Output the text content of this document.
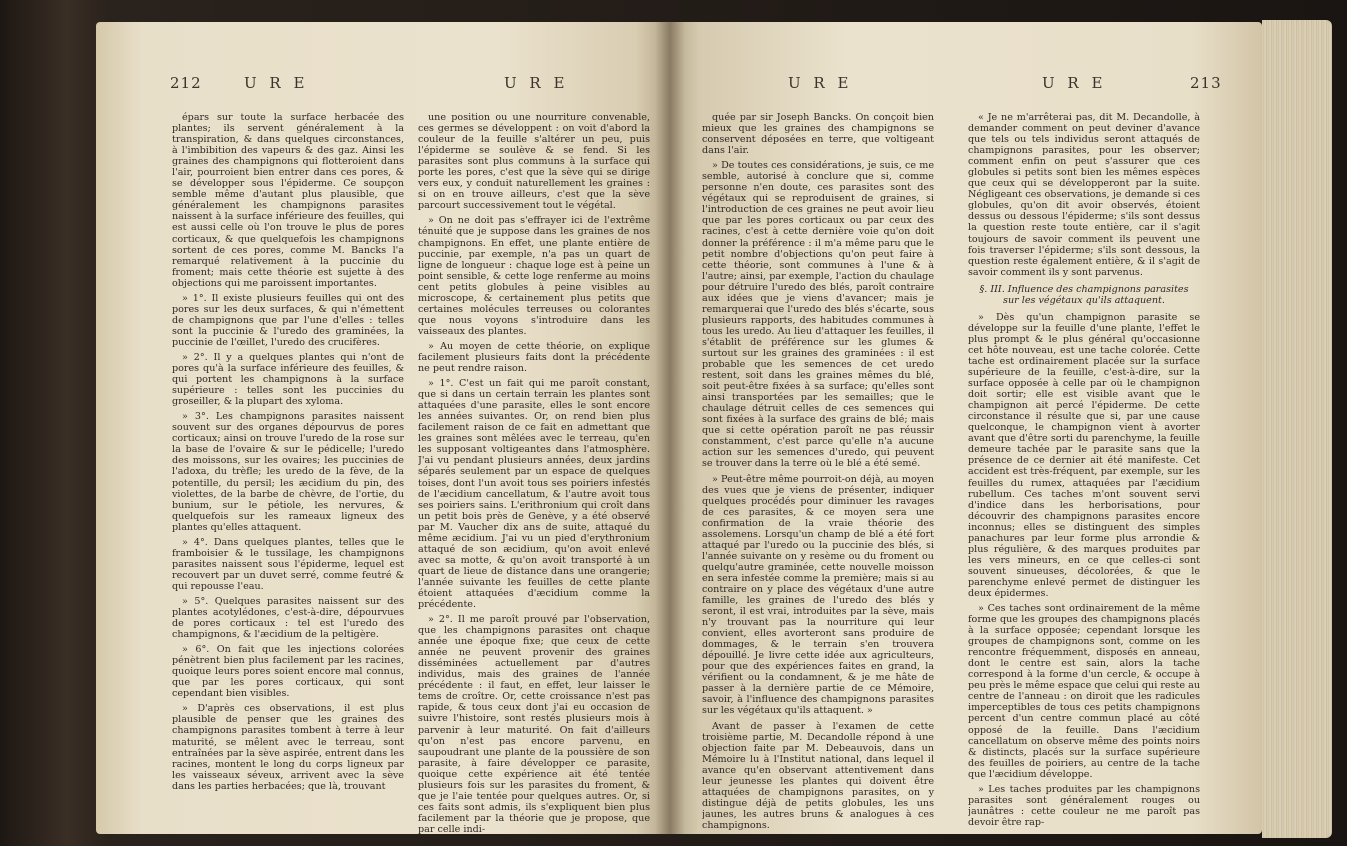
212	U R E	U R E

épars sur toute la surface herbacée des plantes; ils servent généralement à la transpiration, & dans quelques circonstances, à l'imbibition des vapeurs & des gaz. Ainsi les graines des champignons qui flotteroient dans l'air, pourroient bien entrer dans ces pores, & se développer sous l'épiderme. Ce soupçon semble même d'autant plus plausible, que généralement les champignons parasites naissent à la surface inférieure des feuilles, qui est aussi celle où l'on trouve le plus de pores corticaux, & que quelquefois les champignons sortent de ces pores, comme M. Bancks l'a remarqué relativement à la puccinie du froment; mais cette théorie est sujette à des objections qui me paroissent importantes.

» 1°. Il existe plusieurs feuilles qui ont des pores sur les deux surfaces, & qui n'émettent de champignons que par l'une d'elles : telles sont la puccinie & l'uredo des graminées, la puccinie de l'œillet, l'uredo des crucifères.

» 2°. Il y a quelques plantes qui n'ont de pores qu'à la surface inférieure des feuilles, & qui portent les champignons à la surface supérieure : telles sont les puccinies du groseiller, & la plupart des xyloma.

» 3°. Les champignons parasites naissent souvent sur des organes dépourvus de pores corticaux; ainsi on trouve l'uredo de la rose sur la base de l'ovaire & sur le pédicelle; l'uredo des moissons, sur les ovaires; les puccinies de l'adoxa, du trèfle; les uredo de la fève, de la potentille, du persil; les æcidium du pin, des violettes, de la barbe de chèvre, de l'ortie, du bunium, sur le pétiole, les nervures, & quelquefois sur les rameaux ligneux des plantes qu'elles attaquent.

» 4°. Dans quelques plantes, telles que le framboisier & le tussilage, les champignons parasites naissent sous l'épiderme, lequel est recouvert par un duvet serré, comme feutré & qui repousse l'eau.

» 5°. Quelques parasites naissent sur des plantes acotylédones, c'est-à-dire, dépourvues de pores corticaux : tel est l'uredo des champignons, & l'æcidium de la peltigère.

» 6°. On fait que les injections colorées pénètrent bien plus facilement par les racines, quoique leurs pores soient encore mal connus, que par les pores corticaux, qui sont cependant bien visibles.

» D'après ces observations, il est plus plausible de penser que les graines des champignons parasites tombent à terre à leur maturité, se mêlent avec le terreau, sont entraînées par la sève aspirée, entrent dans les racines, montent le long du corps ligneux par les vaisseaux séveux, arrivent avec la sève dans les parties herbacées; que là, trouvant

une position ou une nourriture convenable, ces germes se développent : on voit d'abord la couleur de la feuille s'altérer un peu, puis l'épiderme se soulève & se fend. Si les parasites sont plus communs à la surface qui porte les pores, c'est que la sève qui se dirige vers eux, y conduit naturellement les graines : si on en trouve ailleurs, c'est que la sève parcourt successivement tout le végétal.

» On ne doit pas s'effrayer ici de l'extrême ténuité que je suppose dans les graines de nos champignons. En effet, une plante entière de puccinie, par exemple, n'a pas un quart de ligne de longueur : chaque loge est à peine un point sensible, & cette loge renferme au moins cent petits globules à peine visibles au microscope, & certainement plus petits que certaines molécules terreuses ou colorantes que nous voyons s'introduire dans les vaisseaux des plantes.

» Au moyen de cette théorie, on explique facilement plusieurs faits dont la précédente ne peut rendre raison.

» 1°. C'est un fait qui me paroît constant, que si dans un certain terrain les plantes sont attaquées d'une parasite, elles le sont encore les années suivantes. Or, on rend bien plus facilement raison de ce fait en admettant que les graines sont mêlées avec le terreau, qu'en les supposant voltigeantes dans l'atmosphère. J'ai vu pendant plusieurs années, deux jardins séparés seulement par un espace de quelques toises, dont l'un avoit tous ses poiriers infestés de l'æcidium cancellatum, & l'autre avoit tous ses poiriers sains. L'erithronium qui croît dans un petit bois près de Genève, y a été observé par M. Vaucher dix ans de suite, attaqué du même æcidium. J'ai vu un pied d'erythronium attaqué de son æcidium, qu'on avoit enlevé avec sa motte, & qu'on avoit transporté à un quart de lieue de distance dans une orangerie; l'année suivante les feuilles de cette plante étoient attaquées d'æcidium comme la précédente.

» 2°. Il me paroît prouvé par l'observation, que les champignons parasites ont chaque année une époque fixe; que ceux de cette année ne peuvent provenir des graines disséminées actuellement par d'autres individus, mais des graines de l'année précédente : il faut, en effet, leur laisser le tems de croître. Or, cette croissance n'est pas rapide, & tous ceux dont j'ai eu occasion de suivre l'histoire, sont restés plusieurs mois à parvenir à leur maturité. On fait d'ailleurs qu'on n'est pas encore parvenu, en saupoudrant une plante de la poussière de son parasite, à faire développer ce parasite, quoique cette expérience ait été tentée plusieurs fois sur les parasites du froment, & que je l'aie tentée pour quelques autres. Or, si ces faits sont admis, ils s'expliquent bien plus facilement par la théorie que je propose, que par celle indi-

U R E	U R E	213

quée par sir Joseph Bancks. On conçoit bien mieux que les graines des champignons se conservent déposées en terre, que voltigeant dans l'air.

» De toutes ces considérations, je suis, ce me semble, autorisé à conclure que si, comme personne n'en doute, ces parasites sont des végétaux qui se reproduisent de graines, si l'introduction de ces graines ne peut avoir lieu que par les pores corticaux ou par ceux des racines, c'est à cette dernière voie qu'on doit donner la préférence : il m'a même paru que le petit nombre d'objections qu'on peut faire à cette théorie, sont communes à l'une & à l'autre; ainsi, par exemple, l'action du chaulage pour détruire l'uredo des blés, paroît contraire aux idées que je viens d'avancer; mais je remarquerai que l'uredo des blés s'écarte, sous plusieurs rapports, des habitudes communes à tous les uredo. Au lieu d'attaquer les feuilles, il s'établit de préférence sur les glumes & surtout sur les graines des graminées : il est probable que les semences de cet uredo restent, soit dans les graines mêmes du blé, soit peut-être fixées à sa surface; qu'elles sont ainsi transportées par les semailles; que le chaulage détruit celles de ces semences qui sont fixées à la surface des grains de blé; mais que si cette opération paroît ne pas réussir constamment, c'est parce qu'elle n'a aucune action sur les semences d'uredo, qui peuvent se trouver dans la terre où le blé a été semé.

» Peut-être même pourroit-on déjà, au moyen des vues que je viens de présenter, indiquer quelques procédés pour diminuer les ravages de ces parasites, & ce moyen sera une confirmation de la vraie théorie des assolemens. Lorsqu'un champ de blé a été fort attaqué par l'uredo ou la puccinie des blés, si l'année suivante on y resème ou du froment ou quelqu'autre graminée, cette nouvelle moisson en sera infestée comme la première; mais si au contraire on y place des végétaux d'une autre famille, les graines de l'uredo des blés y seront, il est vrai, introduites par la sève, mais n'y trouvant pas la nourriture qui leur convient, elles avorteront sans produire de dommages, & le terrain s'en trouvera dépouillé. Je livre cette idée aux agriculteurs, pour que des expériences faites en grand, la vérifient ou la condamnent, & je me hâte de passer à la dernière partie de ce Mémoire, savoir, à l'influence des champignons parasites sur les végétaux qu'ils attaquent. »

Avant de passer à l'examen de cette troisième partie, M. Decandolle répond à une objection faite par M. Debeauvois, dans un Mémoire lu à l'Institut national, dans lequel il avance qu'en observant attentivement dans leur jeunesse les plantes qui doivent être attaquées de champignons parasites, on y distingue déjà de petits globules, les uns jaunes, les autres bruns & analogues à ces champignons.

« Je ne m'arrêterai pas, dit M. Decandolle, à demander comment on peut deviner d'avance que tels ou tels individus seront attaqués de champignons parasites, pour les observer; comment enfin on peut s'assurer que ces globules si petits sont bien les mêmes espèces que ceux qui se développeront par la suite. Négligeant ces observations, je demande si ces globules, qu'on dit avoir observés, étoient dessus ou dessous l'épiderme; s'ils sont dessus la question reste toute entière, car il s'agit toujours de savoir comment ils peuvent une fois traverser l'épiderme; s'ils sont dessous, la question reste également entière, & il s'agit de savoir comment ils y sont parvenus.

§. III. Influence des champignons parasites sur les végétaux qu'ils attaquent.

» Dès qu'un champignon parasite se développe sur la feuille d'une plante, l'effet le plus prompt & le plus général qu'occasionne cet hôte nouveau, est une tache colorée. Cette tache est ordinairement placée sur la surface supérieure de la feuille, c'est-à-dire, sur la surface opposée à celle par où le champignon doit sortir; elle est visible avant que le champignon ait percé l'épiderme. De cette circonstance il résulte que si, par une cause quelconque, le champignon vient à avorter avant que d'être sorti du parenchyme, la feuille demeure tachée par le parasite sans que la présence de ce dernier ait été manifeste. Cet accident est très-fréquent, par exemple, sur les feuilles du rumex, attaquées par l'æcidium rubellum. Ces taches m'ont souvent servi d'indice dans les herborisations, pour découvrir des champignons parasites encore inconnus; elles se distinguent des simples panachures par leur forme plus arrondie & plus régulière, & des marques produites par les vers mineurs, en ce que celles-ci sont souvent sinueuses, décolorées, & que le parenchyme enlevé permet de distinguer les deux épidermes.

» Ces taches sont ordinairement de la même forme que les groupes des champignons placés à la surface opposée; cependant lorsque les groupes de champignons sont, comme on les rencontre fréquemment, disposés en anneau, dont le centre est sain, alors la tache correspond à la forme d'un cercle, & occupe à peu près le même espace que celui qui reste au centre de l'anneau : on diroit que les radicules imperceptibles de tous ces petits champignons percent d'un centre commun placé au côté opposé de la feuille. Dans l'æcidium cancellatum on observe même des points noirs & distincts, placés sur la surface supérieure des feuilles de poiriers, au centre de la tache que l'æcidium développe.

» Les taches produites par les champignons parasites sont généralement rouges ou jaunâtres : cette couleur ne me paroît pas devoir être rap-
